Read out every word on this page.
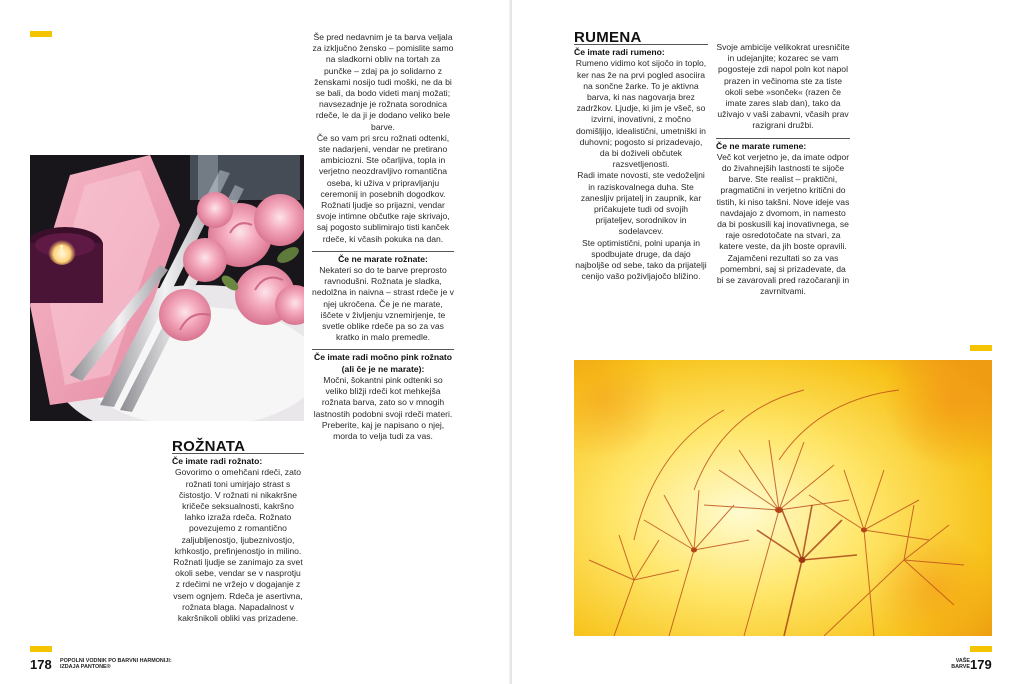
Še pred nedavnim je ta barva veljala za izključno žensko – pomislite samo na sladkorni obliv na tortah za punčke – zdaj pa jo solidarno z ženskami nosijo tudi moški, ne da bi se bali, da bodo videti manj možati; navsezadnje je rožnata sorodnica rdeče, le da ji je dodano veliko bele barve.

Če so vam pri srcu rožnati odtenki, ste nadarjeni, vendar ne pretirano ambiciozni. Ste očarljiva, topla in verjetno neozdravljivo romantična oseba, ki uživa v pripravljanju ceremonij in posebnih dogodkov. Rožnati ljudje so prijazni, vendar svoje intimne občutke raje skrivajo, saj pogosto sublimirajo tisti kanček rdeče, ki včasih pokuka na dan.

Če ne marate rožnate:

Nekateri so do te barve preprosto ravnodušni. Rožnata je sladka, nedolžna in naivna – strast rdeče je v njej ukročena. Če je ne marate, iščete v življenju vznemirjenje, te svetle oblike rdeče pa so za vas kratko in malo premedle.

Če imate radi močno pink rožnato (ali če je ne marate):

Močni, šokantni pink odtenki so veliko bližji rdeči kot mehkejša rožnata barva, zato so v mnogih lastnostih podobni svoji rdeči materi. Preberite, kaj je napisano o njej, morda to velja tudi za vas.

ROŽNATA

Če imate radi rožnato:

Govorimo o omehčani rdeči, zato rožnati toni umirjajo strast s čistostjo. V rožnati ni nikakršne kričeče seksualnosti, kakršno lahko izraža rdeča. Rožnato povezujemo z romantično zaljubljenostjo, ljubeznivostjo, krhkostjo, prefinjenostjo in milino. Rožnati ljudje se zanimajo za svet okoli sebe, vendar se v nasprotju z rdečimi ne vržejo v dogajanje z vsem ognjem. Rdeča je asertivna, rožnata blaga. Napadalnost v kakršnikoli obliki vas prizadene.

178 POPOLNI VODNIK PO BARVNI HARMONIJI:
IZDAJA PANTONE®
RUMENA

Če imate radi rumeno:

Rumeno vidimo kot sijočo in toplo, ker nas že na prvi pogled asociira na sončne žarke. To je aktivna barva, ki nas nagovarja brez zadržkov. Ljudje, ki jim je všeč, so izvirni, inovativni, z močno domišljijo, idealistični, umetniški in duhovni; pogosto si prizadevajo, da bi doživeli občutek razsvetljenosti.

Radi imate novosti, ste vedoželjni in raziskovalnega duha. Ste zanesljiv prijatelj in zaupnik, kar pričakujete tudi od svojih prijateljev, sorodnikov in sodelavcev.

Ste optimistični, polni upanja in spodbujate druge, da dajo najboljše od sebe, tako da prijatelji cenijo vašo poživljajočo bližino.

Svoje ambicije velikokrat uresničite in udejanjite; kozarec se vam pogosteje zdi napol poln kot napol prazen in večinoma ste za tiste okoli sebe »sonček« (razen če imate zares slab dan), tako da uživajo v vaši zabavni, včasih prav razigrani družbi.

Če ne marate rumene:

Več kot verjetno je, da imate odpor do živahnejših lastnosti te sijoče barve. Ste realist – praktični, pragmatični in verjetno kritični do tistih, ki niso takšni. Nove ideje vas navdajajo z dvomom, in namesto da bi poskusili kaj inovativnega, se raje osredotočate na stvari, za katere veste, da jih boste opravili. Zajamčeni rezultati so za vas pomembni, saj si prizadevate, da bi se zavarovali pred razočaranji in zavrnitvami.

VAŠE
BARVE 179
